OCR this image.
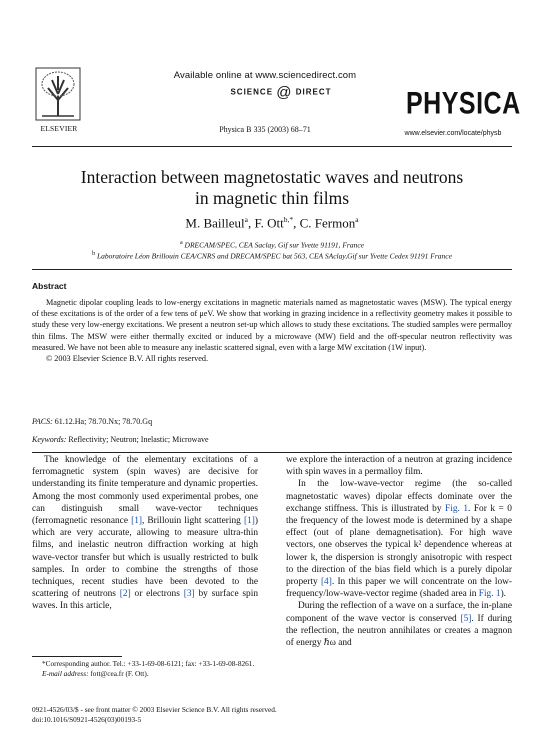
ELSEVIER
Available online at www.sciencedirect.com
SCIENCE @ DIRECT	PHYSICA
www.elsevier.com/locate/physb
Physica B 335 (2003) 68–71
Interaction between magnetostatic waves and neutrons in magnetic thin films
M. Bailleul$^a$, F. Ott$^{b,*}$, C. Fermon$^a$
$^a$ DRECAM/SPEC, CEA Saclay, Gif sur Yvette 91191, France
$^b$ Laboratoire Léon Brillouin CEA/CNRS and DRECAM/SPEC bat 563, CEA SAclay,Gif sur Yvette Cedex 91191 France
Abstract

Magnetic dipolar coupling leads to low-energy excitations in magnetic materials named as magnetostatic waves (MSW). The typical energy of these excitations is of the order of a few tens of μeV. We show that working in grazing incidence in a reflectivity geometry makes it possible to study these very low-energy excitations. We present a neutron set-up which allows to study these excitations. The studied samples were permalloy thin films. The MSW were either thermally excited or induced by a microwave (MW) field and the off-specular neutron reflectivity was measured. We have not been able to measure any inelastic scattered signal, even with a large MW excitation (1W input).

© 2003 Elsevier Science B.V. All rights reserved.

PACS: 61.12.Ha; 78.70.Nx; 78.70.Gq
Keywords: Reflectivity; Neutron; Inelastic; Microwave

The knowledge of the elementary excitations of a ferromagnetic system (spin waves) are decisive for understanding its finite temperature and dynamic properties. Among the most commonly used experimental probes, one can distinguish small wave-vector techniques (ferromagnetic resonance [1], Brillouin light scattering [1]) which are very accurate, allowing to measure ultra-thin films, and inelastic neutron diffraction working at high wave-vector transfer but which is usually restricted to bulk samples. In order to combine the strengths of those techniques, recent studies have been devoted to the scattering of neutrons [2] or electrons [3] by surface spin waves. In this article,

we explore the interaction of a neutron at grazing incidence with spin waves in a permalloy film.

In the low-wave-vector regime (the so-called magnetostatic waves) dipolar effects dominate over the exchange stiffness. This is illustrated by Fig. 1. For k = 0 the frequency of the lowest mode is determined by a shape effect (out of plane demagnetisation). For high wave vectors, one observes the typical k² dependence whereas at lower k, the dispersion is strongly anisotropic with respect to the direction of the bias field which is a purely dipolar property [4]. In this paper we will concentrate on the low-frequency/low-wave-vector regime (shaded area in Fig. 1).

During the reflection of a wave on a surface, the in-plane component of the wave vector is conserved [5]. If during the reflection, the neutron annihilates or creates a magnon of energy ℏω and

*Corresponding author. Tel.: +33-1-69-08-6121; fax: +33-1-69-08-8261.

E-mail address: fott@cea.fr (F. Ott).

0921-4526/03/$ - see front matter © 2003 Elsevier Science B.V. All rights reserved.

doi:10.1016/S0921-4526(03)00193-5
